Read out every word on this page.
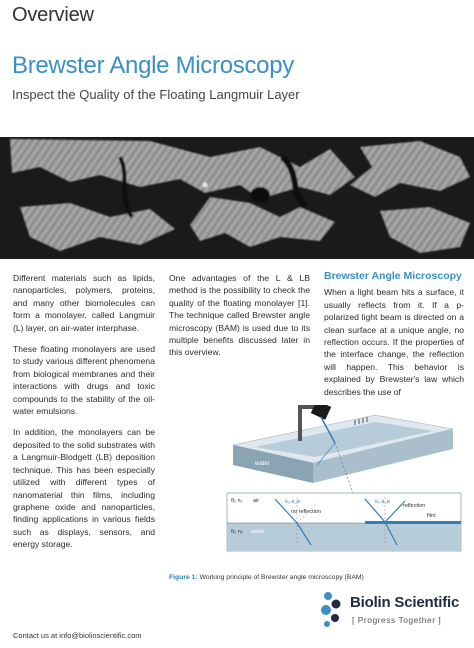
Overview
Brewster Angle Microscopy
Inspect the Quality of the Floating Langmuir Layer

Different materials such as lipids, nanoparticles, polymers, proteins, and many other biomolecules can form a monolayer, called Langmuir (L) layer, on air-water interphase.

These floating monolayers are used to study various different phenomena from biological membranes and their interactions with drugs and toxic compounds to the stability of the oil-water emulsions.

In addition, the monolayers can be deposited to the solid substrates with a Langmuir-Blodgett (LB) deposition technique. This has been especially utilized with different types of nanomaterial thin films, including graphene oxide and nanoparticles, finding applications in various fields such as displays, sensors, and energy storage.

One advantages of the L & LB method is the possibility to check the quality of the floating monolayer [1]. The technique called Brewster angle microscopy (BAM) is used due to its multiple benefits discussed later in this overview.

Brewster Angle Microscopy

When a light beam hits a surface, it usually reflects from it. If a p-polarized light beam is directed on a clean surface at a unique angle, no reflection occurs. If the properties of the interface change, the reflection will happen. This behavior is explained by Brewster's law which describes the use of

water
θ₁ n₁ air
θ₂ n₂ water
θ₁=θ_B
no reflection
θ₁=θ_B
reflection
film
Figure 1: Working principle of Brewster angle microscopy (BAM)
Contact us at info@biolinscientific.com
Biolin Scientific
[ Progress Together ]
